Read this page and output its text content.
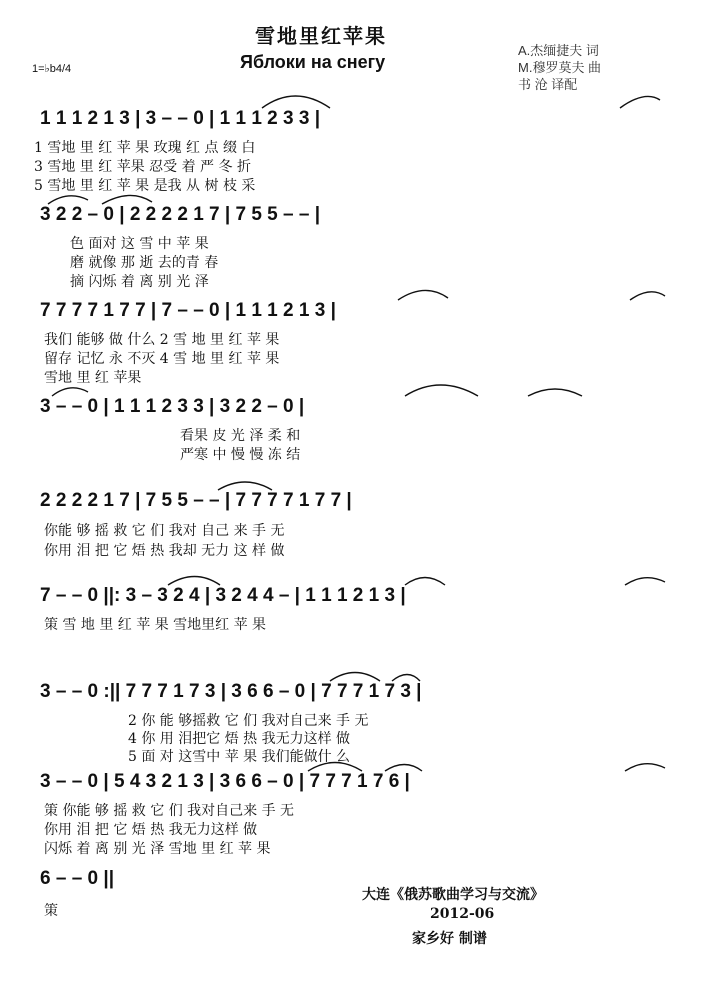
雪地里红苹果
Яблоки на снегу
1=♭b4/4
A.杰缅捷夫 词
M.穆罗莫夫 曲
书 沧 译配
1 1 1 2 1 3 | 3 – – 0 | 1 1 1 2 3 3 |
1 雪地 里 红 苹 果 玫瑰 红 点 缀 白
3 雪地 里 红 苹果 忍受 着 严 冬 折
5 雪地 里 红 苹 果 是我 从 树 枝 采
3 2 2 – 0 | 2 2 2 2 1 7 | 7 5 5 – – |
色 面对 这 雪 中 苹 果
磨 就像 那 逝 去的青 春
摘 闪烁 着 离 别 光 泽
7 7 7 7 1 7 7 | 7 – – 0 | 1 1 1 2 1 3 |
我们 能够 做 什么 2 雪 地 里 红 苹 果
留存 记忆 永 不灭 4 雪 地 里 红 苹 果
雪地 里 红 苹果
3 – – 0 | 1 1 1 2 3 3 | 3 2 2 – 0 |
看果 皮 光 泽 柔 和
严寒 中 慢 慢 冻 结
2 2 2 2 1 7 | 7 5 5 – – | 7 7 7 7 1 7 7 |
你能 够 摇 救 它 们 我对 自己 来 手 无
你用 泪 把 它 焐 热 我却 无力 这 样 做
7 – – 0 ||: 3 – 3 2 4 | 3 2 4 4 – | 1 1 1 2 1 3 |
策 雪 地 里 红 苹 果 雪地里红 苹 果
3 – – 0 :|| 7 7 7 1 7 3 | 3 6 6 – 0 | 7 7 7 1 7 3 |
2 你 能 够摇救 它 们 我对自己来 手 无
4 你 用 泪把它 焐 热 我无力这样 做
5 面 对 这雪中 苹 果 我们能做什 么
3 – – 0 | 5 4 3 2 1 3 | 3 6 6 – 0 | 7 7 7 1 7 6 |
策 你能 够 摇 救 它 们 我对自己来 手 无
你用 泪 把 它 焐 热 我无力这样 做
闪烁 着 离 别 光 泽 雪地 里 红 苹 果
6 – – 0 ||
策
大连《俄苏歌曲学习与交流》
2012-06
家乡好 制谱
